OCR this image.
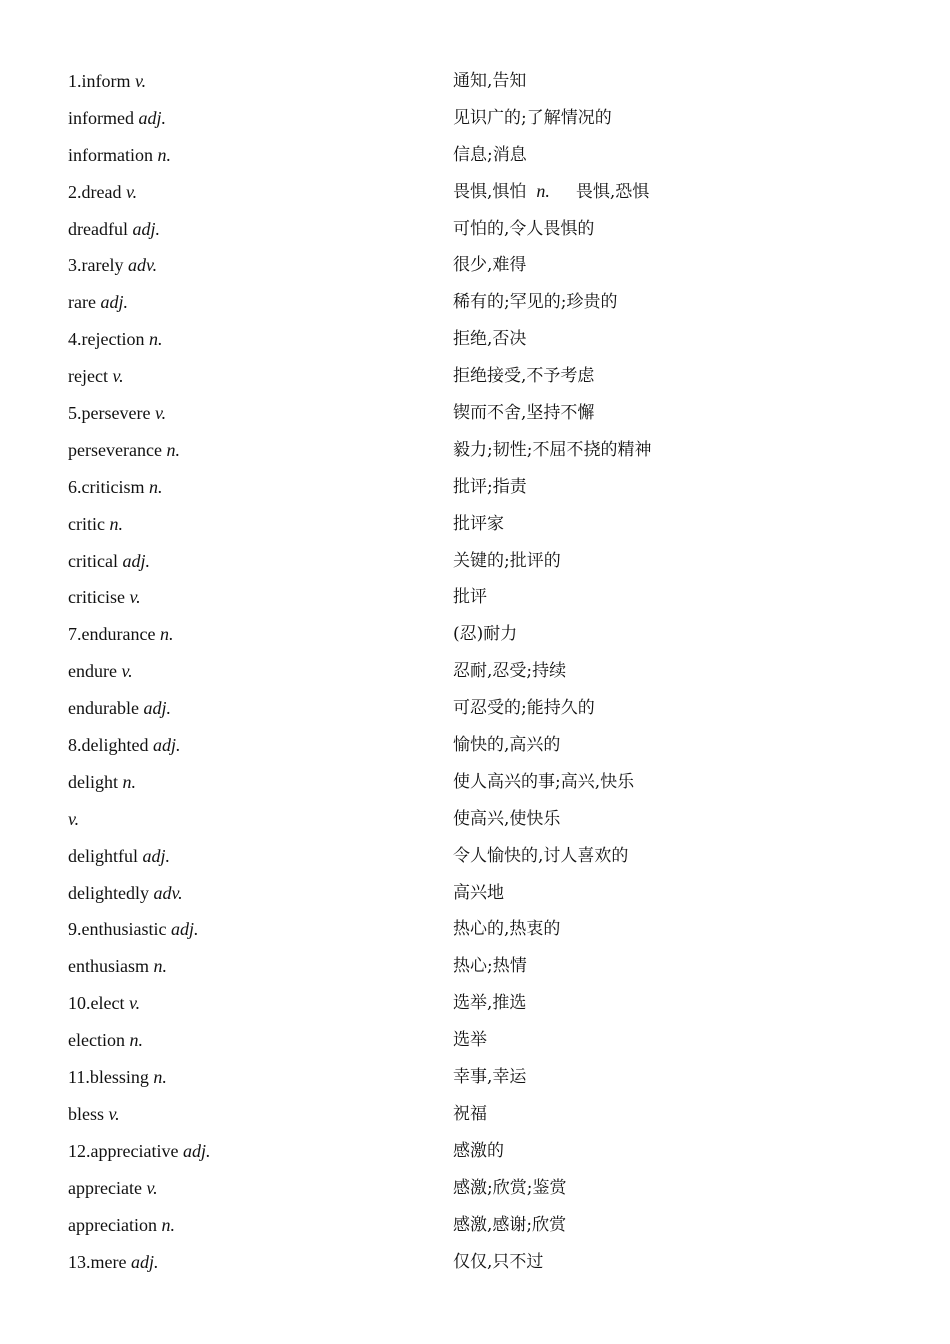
1.inform v.	通知,告知
informed adj.	见识广的;了解情况的
information n.	信息;消息
2.dread v.	畏惧,惧怕 n. 畏惧,恐惧
dreadful adj.	可怕的,令人畏惧的
3.rarely adv.	很少,难得
rare adj.	稀有的;罕见的;珍贵的
4.rejection n.	拒绝,否决
reject v.	拒绝接受,不予考虑
5.persevere v.	锲而不舍,坚持不懈
perseverance n.	毅力;韧性;不屈不挠的精神
6.criticism n.	批评;指责
critic n.	批评家
critical adj.	关键的;批评的
criticise v.	批评
7.endurance n.	(忍)耐力
endure v.	忍耐,忍受;持续
endurable adj.	可忍受的;能持久的
8.delighted adj.	愉快的,高兴的
delight n.	使人高兴的事;高兴,快乐
v.	使高兴,使快乐
delightful adj.	令人愉快的,讨人喜欢的
delightedly adv.	高兴地
9.enthusiastic adj.	热心的,热衷的
enthusiasm n.	热心;热情
10.elect v.	选举,推选
election n.	选举
11.blessing n.	幸事,幸运
bless v.	祝福
12.appreciative adj.	感激的
appreciate v.	感激;欣赏;鉴赏
appreciation n.	感激,感谢;欣赏
13.mere adj.	仅仅,只不过
